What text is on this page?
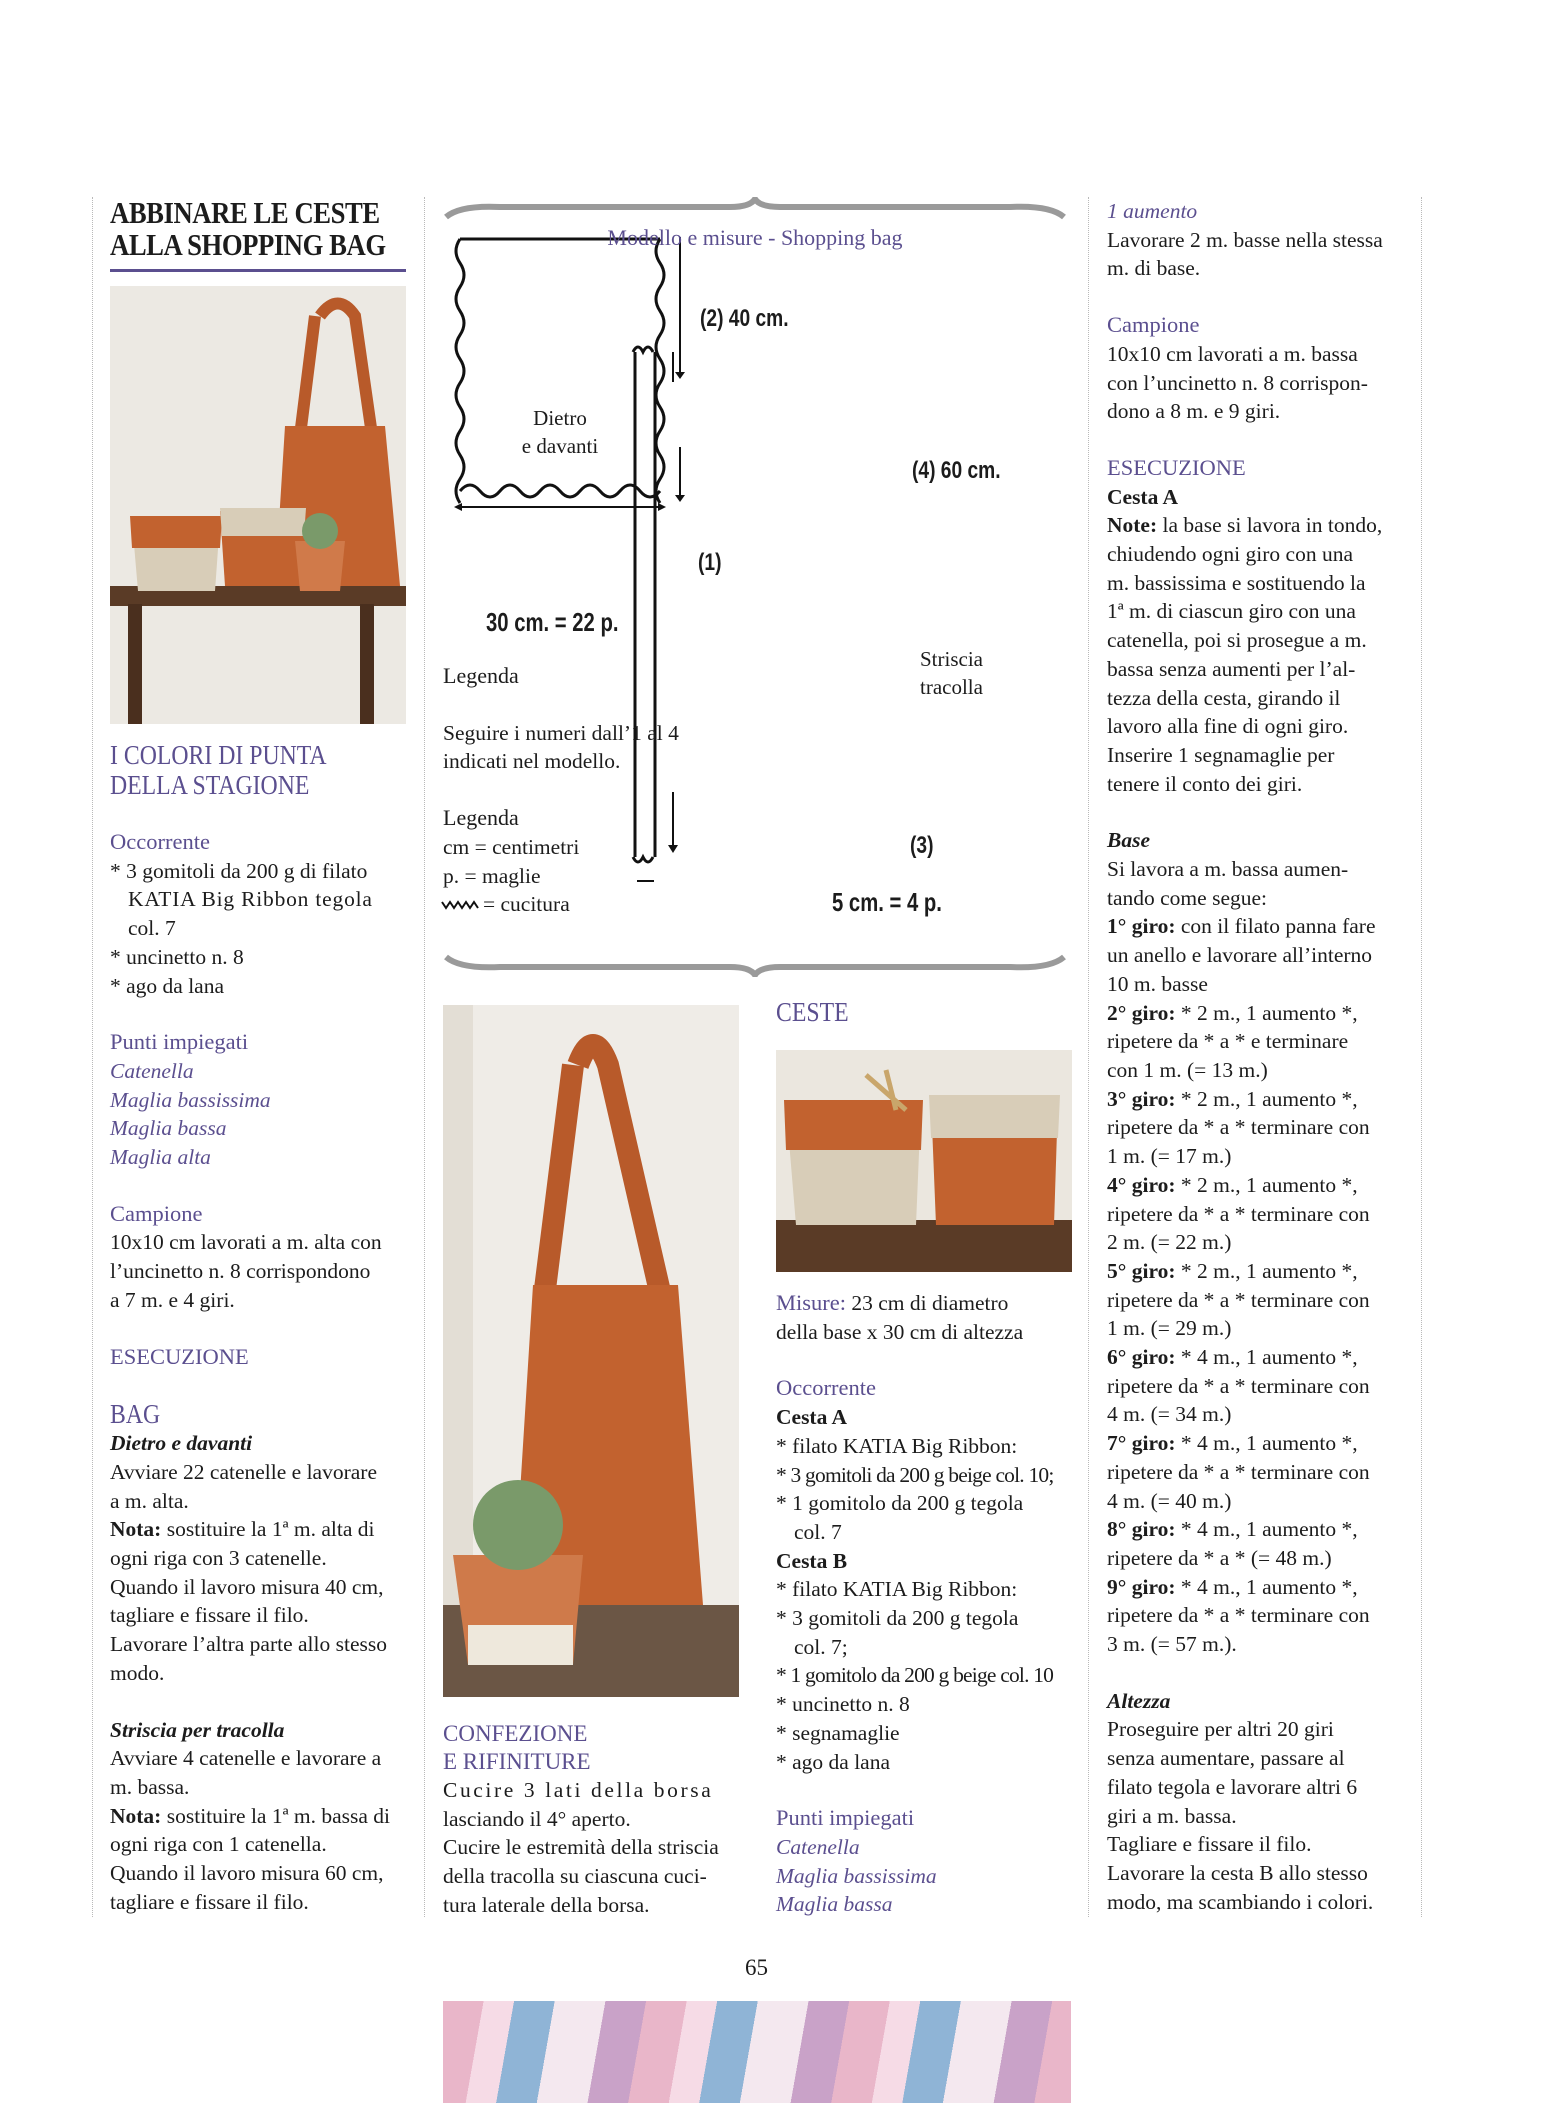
ABBINARE LE CESTE
ALLA SHOPPING BAG
I COLORI DI PUNTA
DELLA STAGIONE
Occorrente

* 3 gomitoli da 200 g di filato

KATIA Big Ribbon tegola

col. 7

* uncinetto n. 8

* ago da lana

Punti impiegati

Catenella

Maglia bassissima

Maglia bassa

Maglia alta

Campione

10x10 cm lavorati a m. alta con

l’uncinetto n. 8 corrispondono

a 7 m. e 4 giri.

ESECUZIONE
BAG

Dietro e davanti

Avviare 22 catenelle e lavorare

a m. alta.

Nota: sostituire la 1ª m. alta di

ogni riga con 3 catenelle.

Quando il lavoro misura 40 cm,

tagliare e fissare il filo.

Lavorare l’altra parte allo stesso

modo.

Striscia per tracolla

Avviare 4 catenelle e lavorare a

m. bassa.

Nota: sostituire la 1ª m. bassa di

ogni riga con 1 catenella.

Quando il lavoro misura 60 cm,

tagliare e fissare il filo.

Modello e misure - Shopping bag
(2) 40 cm.
Dietro
e davanti
(1)
30 cm. = 22 p.
(4) 60 cm.
Striscia
tracolla
(3)
5 cm. = 4 p.
Legenda
Seguire i numeri dall’1 al 4
indicati nel modello.
Legenda
cm = centimetri
p. = maglie
= cucitura
CESTE

Misure: 23 cm di diametro

della base x 30 cm di altezza

Occorrente

Cesta A

* filato KATIA Big Ribbon:

* 3 gomitoli da 200 g beige col. 10;

* 1 gomitolo da 200 g tegola

col. 7

Cesta B

* filato KATIA Big Ribbon:

* 3 gomitoli da 200 g tegola

col. 7;

* 1 gomitolo da 200 g beige col. 10

* uncinetto n. 8

* segnamaglie

* ago da lana

Punti impiegati

Catenella

Maglia bassissima

Maglia bassa

CONFEZIONE
E RIFINITURE

Cucire 3 lati della borsa

lasciando il 4° aperto.

Cucire le estremità della striscia

della tracolla su ciascuna cuci-

tura laterale della borsa.

1 aumento

Lavorare 2 m. basse nella stessa

m. di base.

Campione

10x10 cm lavorati a m. bassa

con l’uncinetto n. 8 corrispon-

dono a 8 m. e 9 giri.

ESECUZIONE

Cesta A

Note: la base si lavora in tondo,

chiudendo ogni giro con una

m. bassissima e sostituendo la

1ª m. di ciascun giro con una

catenella, poi si prosegue a m.

bassa senza aumenti per l’al-

tezza della cesta, girando il

lavoro alla fine di ogni giro.

Inserire 1 segnamaglie per

tenere il conto dei giri.

Base

Si lavora a m. bassa aumen-

tando come segue:

1° giro: con il filato panna fare

un anello e lavorare all’interno

10 m. basse

2° giro: * 2 m., 1 aumento *,

ripetere da * a * e terminare

con 1 m. (= 13 m.)

3° giro: * 2 m., 1 aumento *,

ripetere da * a * terminare con

1 m. (= 17 m.)

4° giro: * 2 m., 1 aumento *,

ripetere da * a * terminare con

2 m. (= 22 m.)

5° giro: * 2 m., 1 aumento *,

ripetere da * a * terminare con

1 m. (= 29 m.)

6° giro: * 4 m., 1 aumento *,

ripetere da * a * terminare con

4 m. (= 34 m.)

7° giro: * 4 m., 1 aumento *,

ripetere da * a * terminare con

4 m. (= 40 m.)

8° giro: * 4 m., 1 aumento *,

ripetere da * a * (= 48 m.)

9° giro: * 4 m., 1 aumento *,

ripetere da * a * terminare con

3 m. (= 57 m.).

Altezza

Proseguire per altri 20 giri

senza aumentare, passare al

filato tegola e lavorare altri 6

giri a m. bassa.

Tagliare e fissare il filo.

Lavorare la cesta B allo stesso

modo, ma scambiando i colori.

65
